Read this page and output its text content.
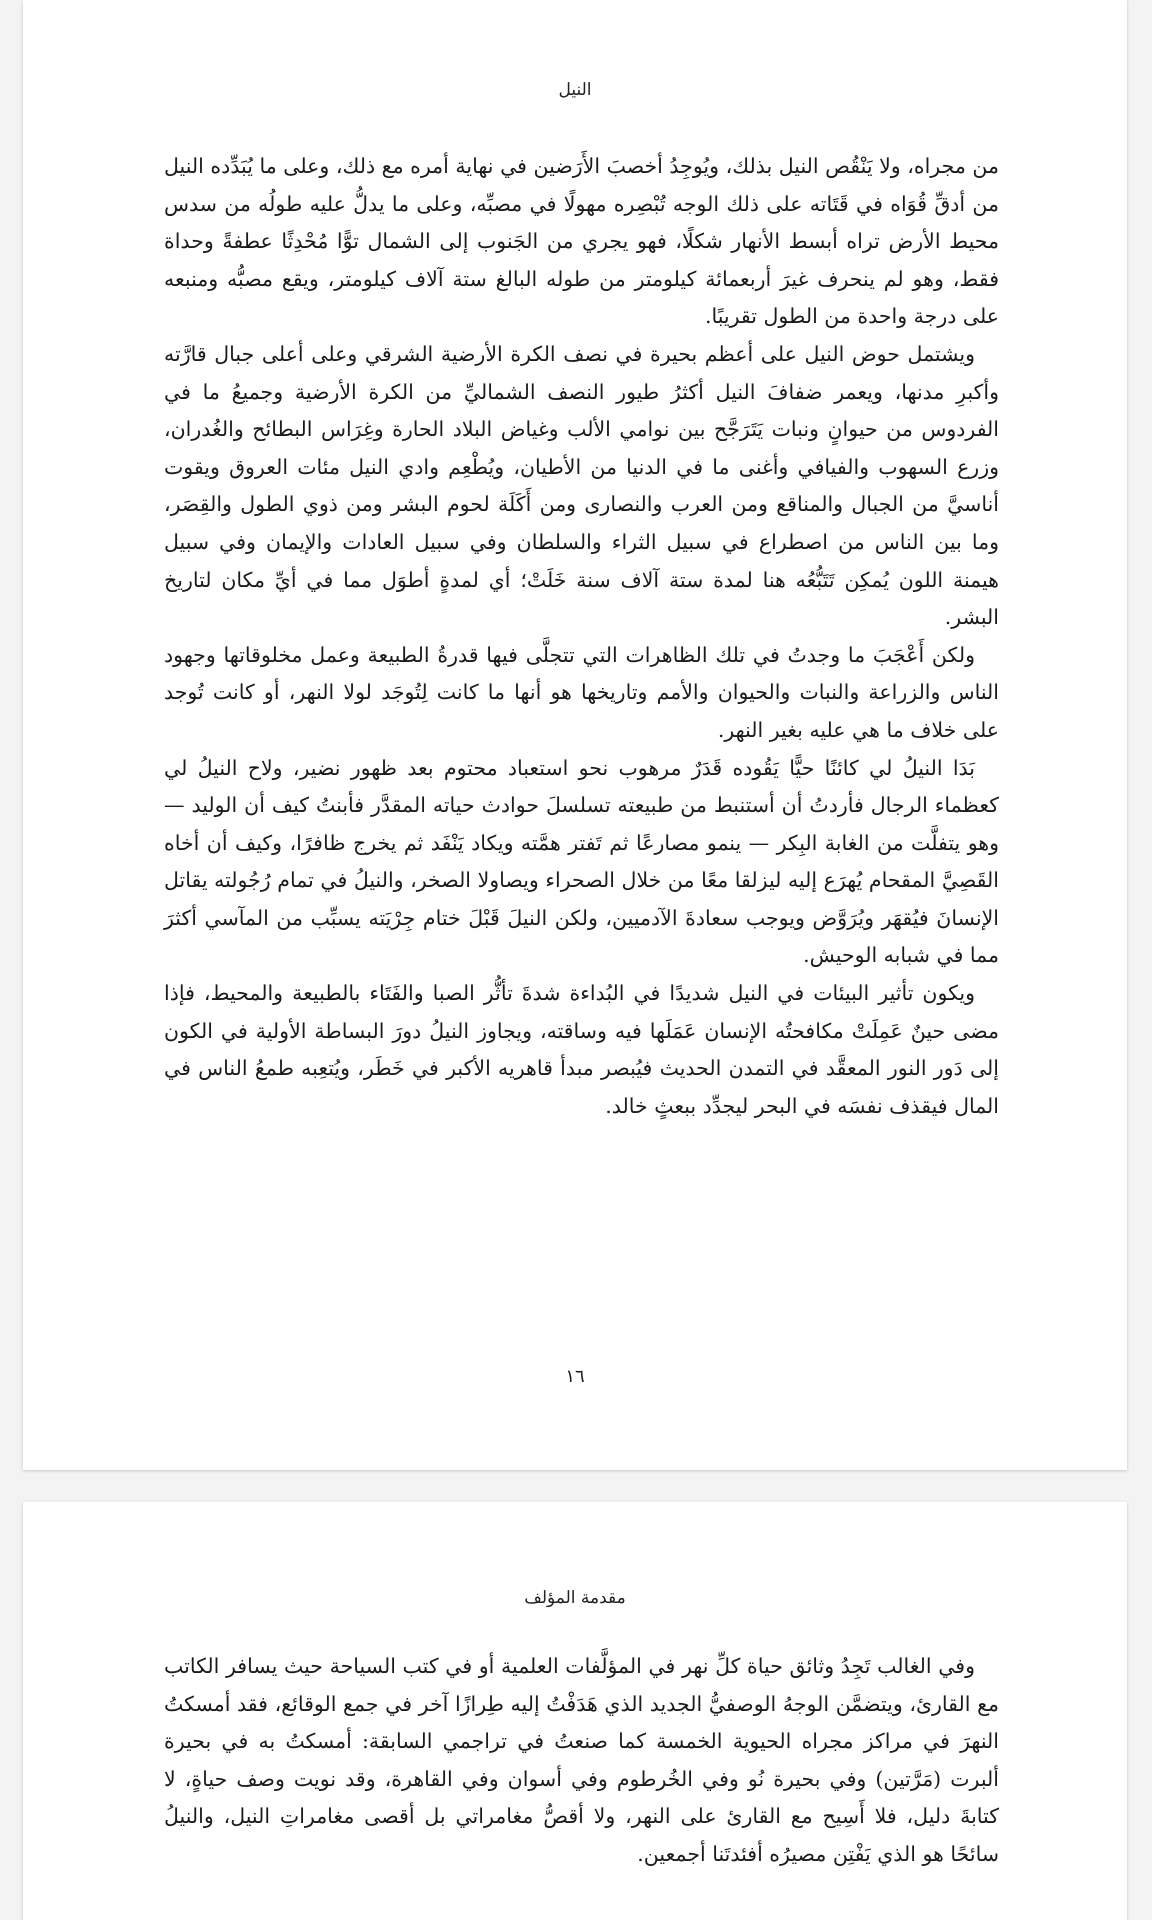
النيل

من مجراه، ولا يَنْقُص النيل بذلك، ويُوجِدُ أخصبَ الأَرَضين في نهاية أمره مع ذلك، وعلى ما يُبَدِّده النيل من أدقِّ قُوَاه في قَتَاته على ذلك الوجه تُبْصِره مهولًا في مصبِّه، وعلى ما يدلُّ عليه طولُه من سدس محيط الأرض تراه أبسط الأنهار شكلًا، فهو يجري من الجَنوب إلى الشمال توًّا مُحْدِثًا عطفةً وحداة فقط، وهو لم ينحرف غيرَ أربعمائة كيلومتر من طوله البالغ ستة آلاف كيلومتر، ويقع مصبُّه ومنبعه على درجة واحدة من الطول تقريبًا.

ويشتمل حوض النيل على أعظم بحيرة في نصف الكرة الأرضية الشرقي وعلى أعلى جبال قارَّته وأكبرِ مدنها، ويعمر ضفافَ النيل أكثرُ طيور النصف الشماليِّ من الكرة الأرضية وجميعُ ما في الفردوس من حيوانٍ ونبات يَتَرَجَّح بين نوامي الألب وغياض البلاد الحارة وغِرَاس البطائح والغُدران، وزرع السهوب والفيافي وأغنى ما في الدنيا من الأطيان، ويُطْعِم وادي النيل مئات العروق ويقوت أناسيَّ من الجبال والمناقع ومن العرب والنصارى ومن أَكَلَة لحوم البشر ومن ذوي الطول والقِصَر، وما بين الناس من اصطراع في سبيل الثراء والسلطان وفي سبيل العادات والإيمان وفي سبيل هيمنة اللون يُمكِن تَتَبُّعُه هنا لمدة ستة آلاف سنة خَلَتْ؛ أي لمدةٍ أطوَل مما في أيِّ مكان لتاريخ البشر.

ولكن أَعْجَبَ ما وجدتُ في تلك الظاهرات التي تتجلَّى فيها قدرةُ الطبيعة وعمل مخلوقاتها وجهود الناس والزراعة والنبات والحيوان والأمم وتاريخها هو أنها ما كانت لِتُوجَد لولا النهر، أو كانت تُوجد على خلاف ما هي عليه بغير النهر.

بَدَا النيلُ لي كائنًا حيًّا يَقُوده قَدَرٌ مرهوب نحو استعباد محتوم بعد ظهور نضير، ولاح النيلُ لي كعظماء الرجال فأردتُ أن أستنبط من طبيعته تسلسلَ حوادث حياته المقدَّر فأبنتُ كيف أن الوليد — وهو يتفلَّت من الغابة البِكر — ينمو مصارعًا ثم تَفتر همَّته ويكاد يَنْفَد ثم يخرج ظافرًا، وكيف أن أخاه القَصِيَّ المقحام يُهرَع إليه ليزلقا معًا من خلال الصحراء ويصاولا الصخر، والنيلُ في تمام رُجُولته يقاتل الإنسانَ فيُقهَر ويُرَوَّض ويوجب سعادةَ الآدميين، ولكن النيلَ قَبْلَ ختام جِرْيَته يسبِّب من المآسي أكثرَ مما في شبابه الوحيش.

ويكون تأثير البيئات في النيل شديدًا في البُداءة شدةَ تأثُّر الصبا والفَتَاء بالطبيعة والمحيط، فإذا مضى حينٌ عَمِلَتْ مكافحتُه الإنسان عَمَلَها فيه وساقته، ويجاوز النيلُ دورَ البساطة الأولية في الكون إلى دَور النور المعقَّد في التمدن الحديث فيُبصر مبدأ قاهريه الأكبر في خَطَر، ويُتعِبه طمعُ الناس في المال فيقذف نفسَه في البحر ليجدِّد ببعثٍ خالد.

١٦
مقدمة المؤلف

وفي الغالب تَجِدُ وثائق حياة كلِّ نهر في المؤلَّفات العلمية أو في كتب السياحة حيث يسافر الكاتب مع القارئ، ويتضمَّن الوجهُ الوصفيُّ الجديد الذي هَدَفْتُ إليه طِرازًا آخر في جمع الوقائع، فقد أمسكتُ النهرَ في مراكز مجراه الحيوية الخمسة كما صنعتُ في تراجمي السابقة: أمسكتُ به في بحيرة ألبرت (مَرَّتين) وفي بحيرة نُو وفي الخُرطوم وفي أسوان وفي القاهرة، وقد نويت وصف حياةٍ، لا كتابةَ دليل، فلا أَسِيح مع القارئ على النهر، ولا أقصُّ مغامراتي بل أقصى مغامراتِ النيل، والنيلُ سائحًا هو الذي يَفْتِن مصيرُه أفئدتَنا أجمعين.
